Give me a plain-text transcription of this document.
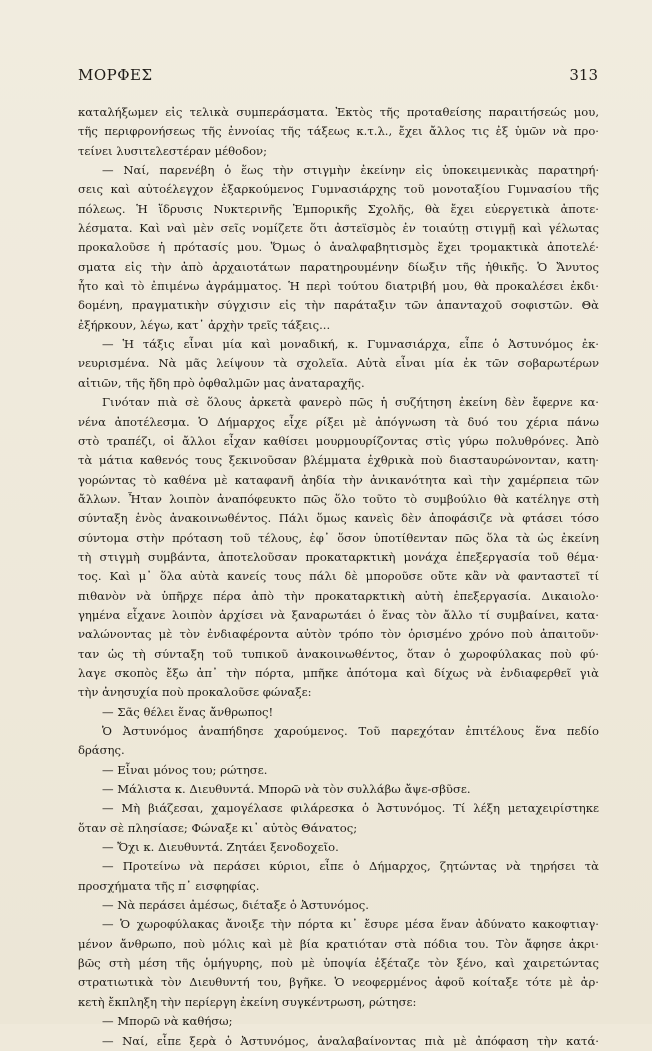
ΜΟΡΦΕΣ	313
καταλήξωμεν εἰς τελικὰ συμπεράσματα. Ἐκτὸς τῆς προταθείσης παραιτήσεώς μου,
τῆς περιφρονήσεως τῆς ἐννοίας τῆς τάξεως κ.τ.λ., ἔχει ἄλλος τις ἐξ ὑμῶν νὰ προ·
τείνει λυσιτελεστέραν μέθοδον;
— Ναί, παρενέβη ὁ ἕως τὴν στιγμὴν ἐκείνην εἰς ὑποκειμενικὰς παρατηρή·
σεις καὶ αὐτοέλεγχον ἐξαρκούμενος Γυμνασιάρχης τοῦ μονοταξίου Γυμνασίου τῆς
πόλεως. Ἡ ἵδρυσις Νυκτερινῆς Ἐμπορικῆς Σχολῆς, θὰ ἔχει εὐεργετικὰ ἀποτε·
λέσματα. Καὶ ναὶ μὲν σεῖς νομίζετε ὅτι ἀστεϊσμὸς ἐν τοιαύτῃ στιγμῇ καὶ γέλωτας
προκαλοῦσε ἡ πρότασίς μου. Ὅμως ὁ ἀναλφαβητισμὸς ἔχει τρομακτικὰ ἀποτελέ·
σματα εἰς τὴν ἀπὸ ἀρχαιοτάτων παρατηρουμένην δίωξιν τῆς ἠθικῆς. Ὁ Ἄνυτος
ἦτο καὶ τὸ ἐπιμένω ἀγράμματος. Ἡ περὶ τούτου διατριβή μου, θὰ προκαλέσει ἐκδι·
δομένη, πραγματικὴν σύγχισιν εἰς τὴν παράταξιν τῶν ἁπανταχοῦ σοφιστῶν. Θὰ
ἐξήρκουν, λέγω, κατ᾿ ἀρχὴν τρεῖς τάξεις...
— Ἡ τάξις εἶναι μία καὶ μοναδική, κ. Γυμνασιάρχα, εἶπε ὁ Ἀστυνόμος ἐκ·
νευρισμένα. Νὰ μᾶς λείψουν τὰ σχολεῖα. Αὐτὰ εἶναι μία ἐκ τῶν σοβαρωτέρων
αἰτιῶν, τῆς ἤδη πρὸ ὀφθαλμῶν μας ἀναταραχῆς.
Γινόταν πιὰ σὲ ὅλους ἀρκετὰ φανερὸ πῶς ἡ συζήτηση ἐκείνη δὲν ἔφερνε κα·
νένα ἀποτέλεσμα. Ὁ Δήμαρχος εἶχε ρίξει μὲ ἀπόγνωση τὰ δυό του χέρια πάνω
στὸ τραπέζι, οἱ ἄλλοι εἶχαν καθίσει μουρμουρίζοντας στὶς γύρω πολυθρόνες. Ἀπὸ
τὰ μάτια καθενός τους ξεκινοῦσαν βλέμματα ἐχθρικὰ ποὺ διασταυρώνονταν, κατη·
γορώντας τὸ καθένα μὲ καταφανῆ ἀηδία τὴν ἀνικανότητα καὶ τὴν χαμέρπεια τῶν
ἄλλων. Ἦταν λοιπὸν ἀναπόφευκτο πῶς ὅλο τοῦτο τὸ συμβούλιο θὰ κατέληγε στὴ
σύνταξη ἑνὸς ἀνακοινωθέντος. Πάλι ὅμως κανεὶς δὲν ἀποφάσιζε νὰ φτάσει τόσο
σύντομα στὴν πρόταση τοῦ τέλους, ἐφ᾿ ὅσον ὑποτίθενταν πῶς ὅλα τὰ ὡς ἐκείνη
τὴ στιγμὴ συμβάντα, ἀποτελοῦσαν προκαταρκτικὴ μονάχα ἐπεξεργασία τοῦ θέμα·
τος. Καὶ μ᾿ ὅλα αὐτὰ κανείς τους πάλι δὲ μποροῦσε οὔτε κἂν νὰ φανταστεῖ τί
πιθανὸν νὰ ὑπῆρχε πέρα ἀπὸ τὴν προκαταρκτικὴ αὐτὴ ἐπεξεργασία. Δικαιολο·
γημένα εἶχανε λοιπὸν ἀρχίσει νὰ ξαναρωτάει ὁ ἕνας τὸν ἄλλο τί συμβαίνει, κατα·
ναλώνοντας μὲ τὸν ἐνδιαφέροντα αὐτὸν τρόπο τὸν ὁρισμένο χρόνο ποὺ ἀπαιτοῦν·
ταν ὡς τὴ σύνταξη τοῦ τυπικοῦ ἀνακοινωθέντος, ὅταν ὁ χωροφύλακας ποὺ φύ·
λαγε σκοπὸς ἔξω ἀπ᾿ τὴν πόρτα, μπῆκε ἀπότομα καὶ δίχως νὰ ἐνδιαφερθεῖ γιὰ
τὴν ἀνησυχία ποὺ προκαλοῦσε φώναξε:
— Σᾶς θέλει ἕνας ἄνθρωπος!
Ὁ Ἀστυνόμος ἀναπήδησε χαρούμενος. Τοῦ παρεχόταν ἐπιτέλους ἕνα πεδίο
δράσης.
— Εἶναι μόνος του; ρώτησε.
— Μάλιστα κ. Διευθυντά. Μπορῶ νὰ τὸν συλλάβω ἄψε-σβῦσε.
— Μὴ βιάζεσαι, χαμογέλασε φιλάρεσκα ὁ Ἀστυνόμος. Τί λέξη μεταχειρίστηκε
ὅταν σὲ πλησίασε; Φώναξε κι᾿ αὐτὸς Θάνατος;
— Ὄχι κ. Διευθυντά. Ζητάει ξενοδοχεῖο.
— Προτείνω νὰ περάσει κύριοι, εἶπε ὁ Δήμαρχος, ζητώντας νὰ τηρήσει τὰ
προσχήματα τῆς π᾿ εισφηφίας.
— Νὰ περάσει ἀμέσως, διέταξε ὁ Ἀστυνόμος.
— Ὁ χωροφύλακας ἄνοιξε τὴν πόρτα κι᾿ ἔσυρε μέσα ἕναν ἀδύνατο κακοφτιαγ·
μένον ἄνθρωπο, ποὺ μόλις καὶ μὲ βία κρατιόταν στὰ πόδια του. Τὸν ἄφησε ἀκρι·
βῶς στὴ μέση τῆς ὁμήγυρης, ποὺ μὲ ὑποψία ἐξέταζε τὸν ξένο, καὶ χαιρετώντας
στρατιωτικὰ τὸν Διευθυντή του, βγῆκε. Ὁ νεοφερμένος ἀφοῦ κοίταξε τότε μὲ ἀρ·
κετὴ ἔκπληξη τὴν περίεργη ἐκείνη συγκέντρωση, ρώτησε:
— Μπορῶ νὰ καθήσω;
— Ναί, εἶπε ξερὰ ὁ Ἀστυνόμος, ἀναλαβαίνοντας πιὰ μὲ ἀπόφαση τὴν κατά·
